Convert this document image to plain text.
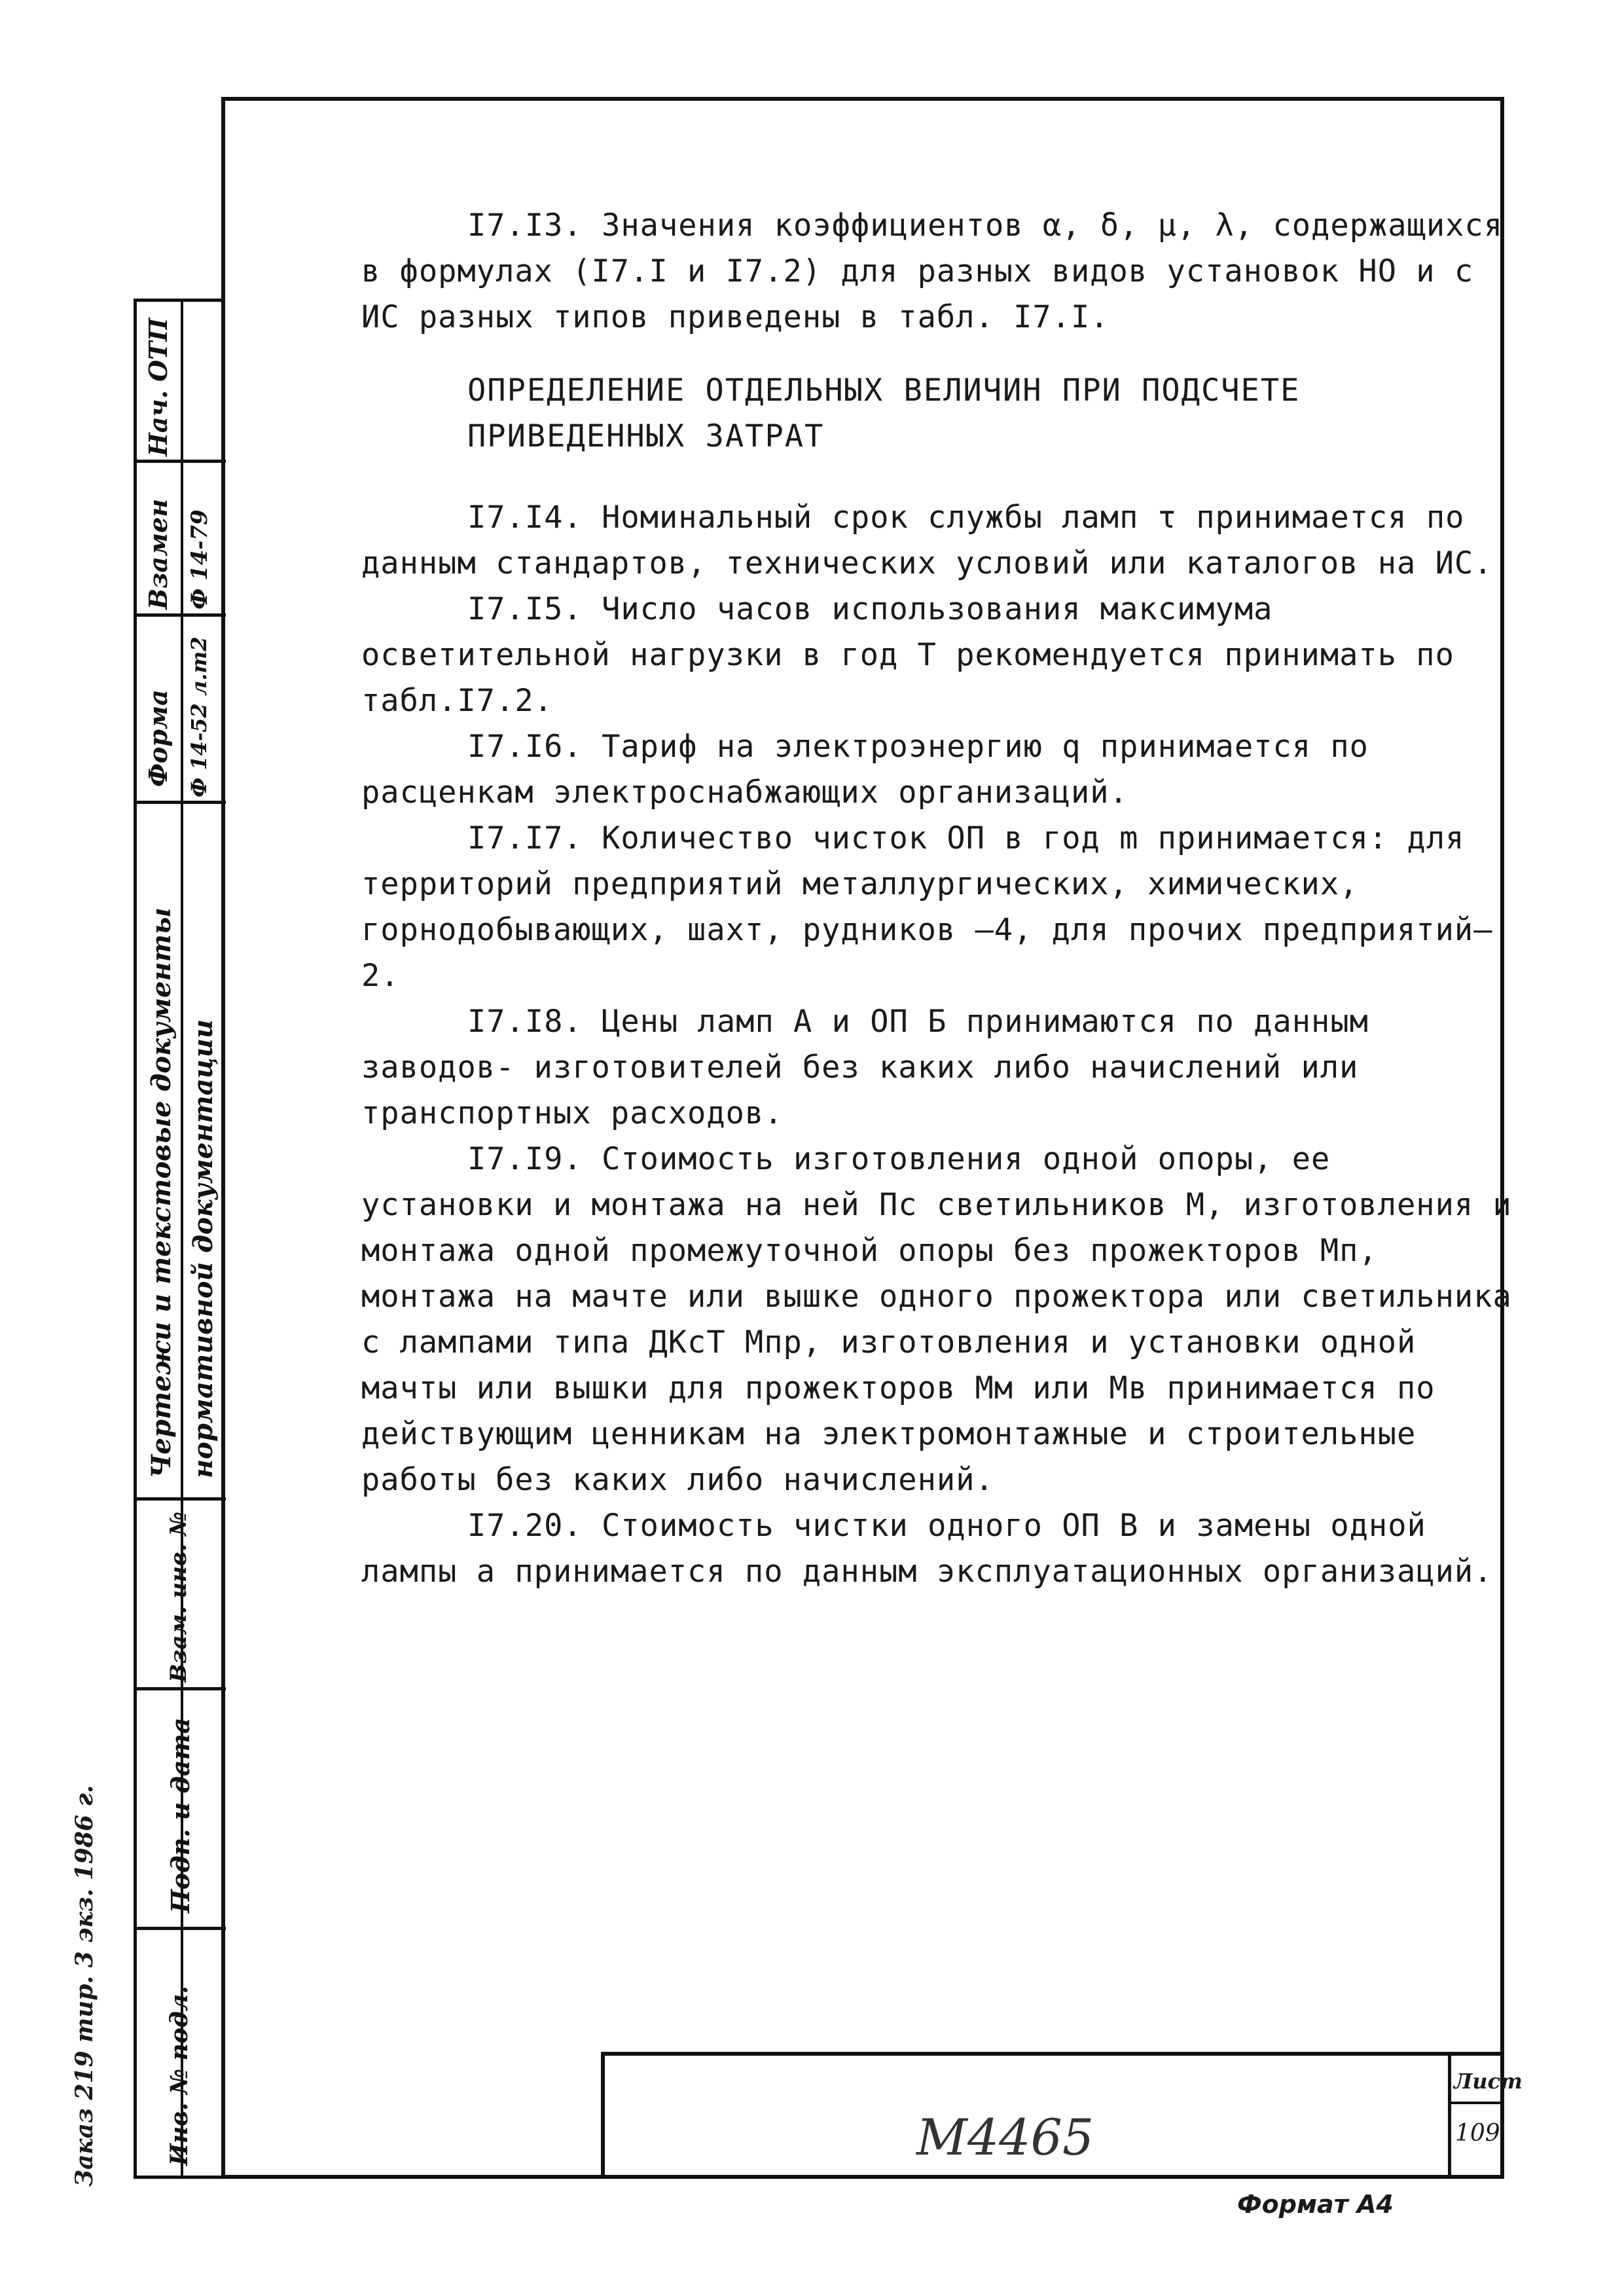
Нач. ОТП
Взамен Ф 14-79
Форма Ф 14-52 л.т2
Чертежи и текстовые документы нормативной документации
Взам. инв. №
Подп. и дата
Инв. № подл.
Заказ 219 тир. 3 экз. 1986 г.

I7.I3. Значения коэффициентов α, δ, μ, λ, содержащихся в формулах (I7.I и I7.2) для разных видов установок НО и с ИС разных типов приведены в табл. I7.I.

ОПРЕДЕЛЕНИЕ ОТДЕЛЬНЫХ ВЕЛИЧИН ПРИ ПОДСЧЕТЕ

ПРИВЕДЕННЫХ ЗАТРАТ

I7.I4. Номинальный срок службы ламп τ принимается по данным стандартов, технических условий или каталогов на ИС.

I7.I5. Число часов использования максимума осветительной нагрузки в год T рекомендуется принимать по табл.I7.2.

I7.I6. Тариф на электроэнергию q принимается по расценкам электроснабжающих организаций.

I7.I7. Количество чисток ОП в год m принимается: для территорий предприятий металлургических, химических, горнодобывающих, шахт, рудников –4, для прочих предприятий– 2.

I7.I8. Цены ламп А и ОП Б принимаются по данным заводов- изготовителей без каких либо начислений или транспортных расходов.

I7.I9. Стоимость изготовления одной опоры, ее установки и монтажа на ней Пс светильников М, изготовления и монтажа одной промежуточной опоры без прожекторов Мп, монтажа на мачте или вышке одного прожектора или светильника с лампами типа ДКсТ Мпр, изготовления и установки одной мачты или вышки для прожекторов Мм или Мв принимается по действующим ценникам на электромонтажные и строительные работы без каких либо начислений.

I7.20. Стоимость чистки одного ОП В и замены одной лампы а принимается по данным эксплуатационных организаций.

Лист
109
М4465
Формат А4
